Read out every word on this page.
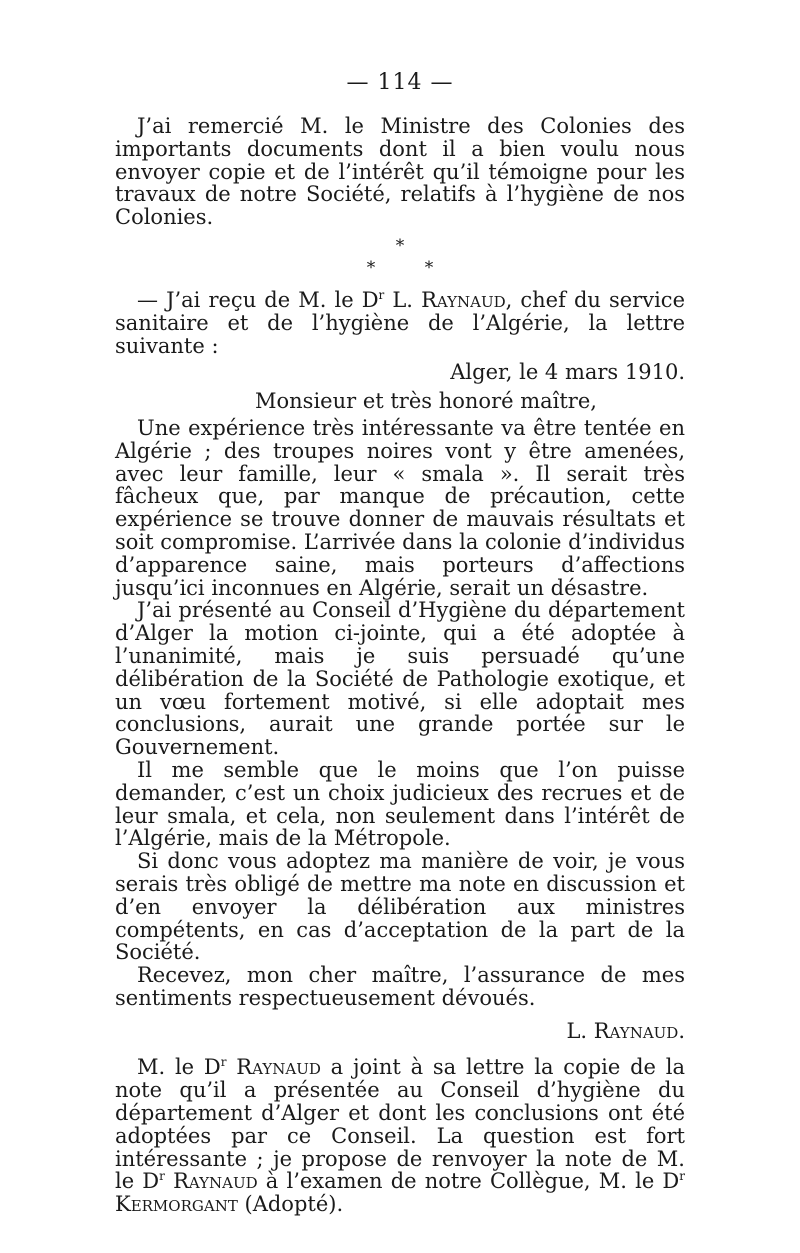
— 114 —

J’ai remercié M. le Ministre des Colonies des importants documents dont il a bien voulu nous envoyer copie et de l’intérêt qu’il témoigne pour les travaux de notre Société, relatifs à l’hygiène de nos Colonies.

*
* *

— J’ai reçu de M. le $D^r$ L. Raynaud, chef du service sanitaire et de l’hygiène de l’Algérie, la lettre suivante :

Alger, le 4 mars 1910.

Monsieur et très honoré maître,

Une expérience très intéressante va être tentée en Algérie ; des troupes noires vont y être amenées, avec leur famille, leur « smala ». Il serait très fâcheux que, par manque de précaution, cette expérience se trouve donner de mauvais résultats et soit compromise. L’arrivée dans la colonie d’individus d’apparence saine, mais porteurs d’affections jusqu’ici inconnues en Algérie, serait un désastre.

J’ai présenté au Conseil d’Hygiène du département d’Alger la motion ci-jointe, qui a été adoptée à l’unanimité, mais je suis persuadé qu’une délibération de la Société de Pathologie exotique, et un vœu fortement motivé, si elle adoptait mes conclusions, aurait une grande portée sur le Gouvernement.

Il me semble que le moins que l’on puisse demander, c’est un choix judicieux des recrues et de leur smala, et cela, non seulement dans l’intérêt de l’Algérie, mais de la Métropole.

Si donc vous adoptez ma manière de voir, je vous serais très obligé de mettre ma note en discussion et d’en envoyer la délibération aux ministres compétents, en cas d’acceptation de la part de la Société.

Recevez, mon cher maître, l’assurance de mes sentiments respectueusement dévoués.

L. Raynaud.

M. le $D^r$ Raynaud a joint à sa lettre la copie de la note qu’il a présentée au Conseil d’hygiène du département d’Alger et dont les conclusions ont été adoptées par ce Conseil. La question est fort intéressante ; je propose de renvoyer la note de M. le $D^r$ Raynaud à l’examen de notre Collègue, M. le $D^r$ Kermorgant (Adopté).
